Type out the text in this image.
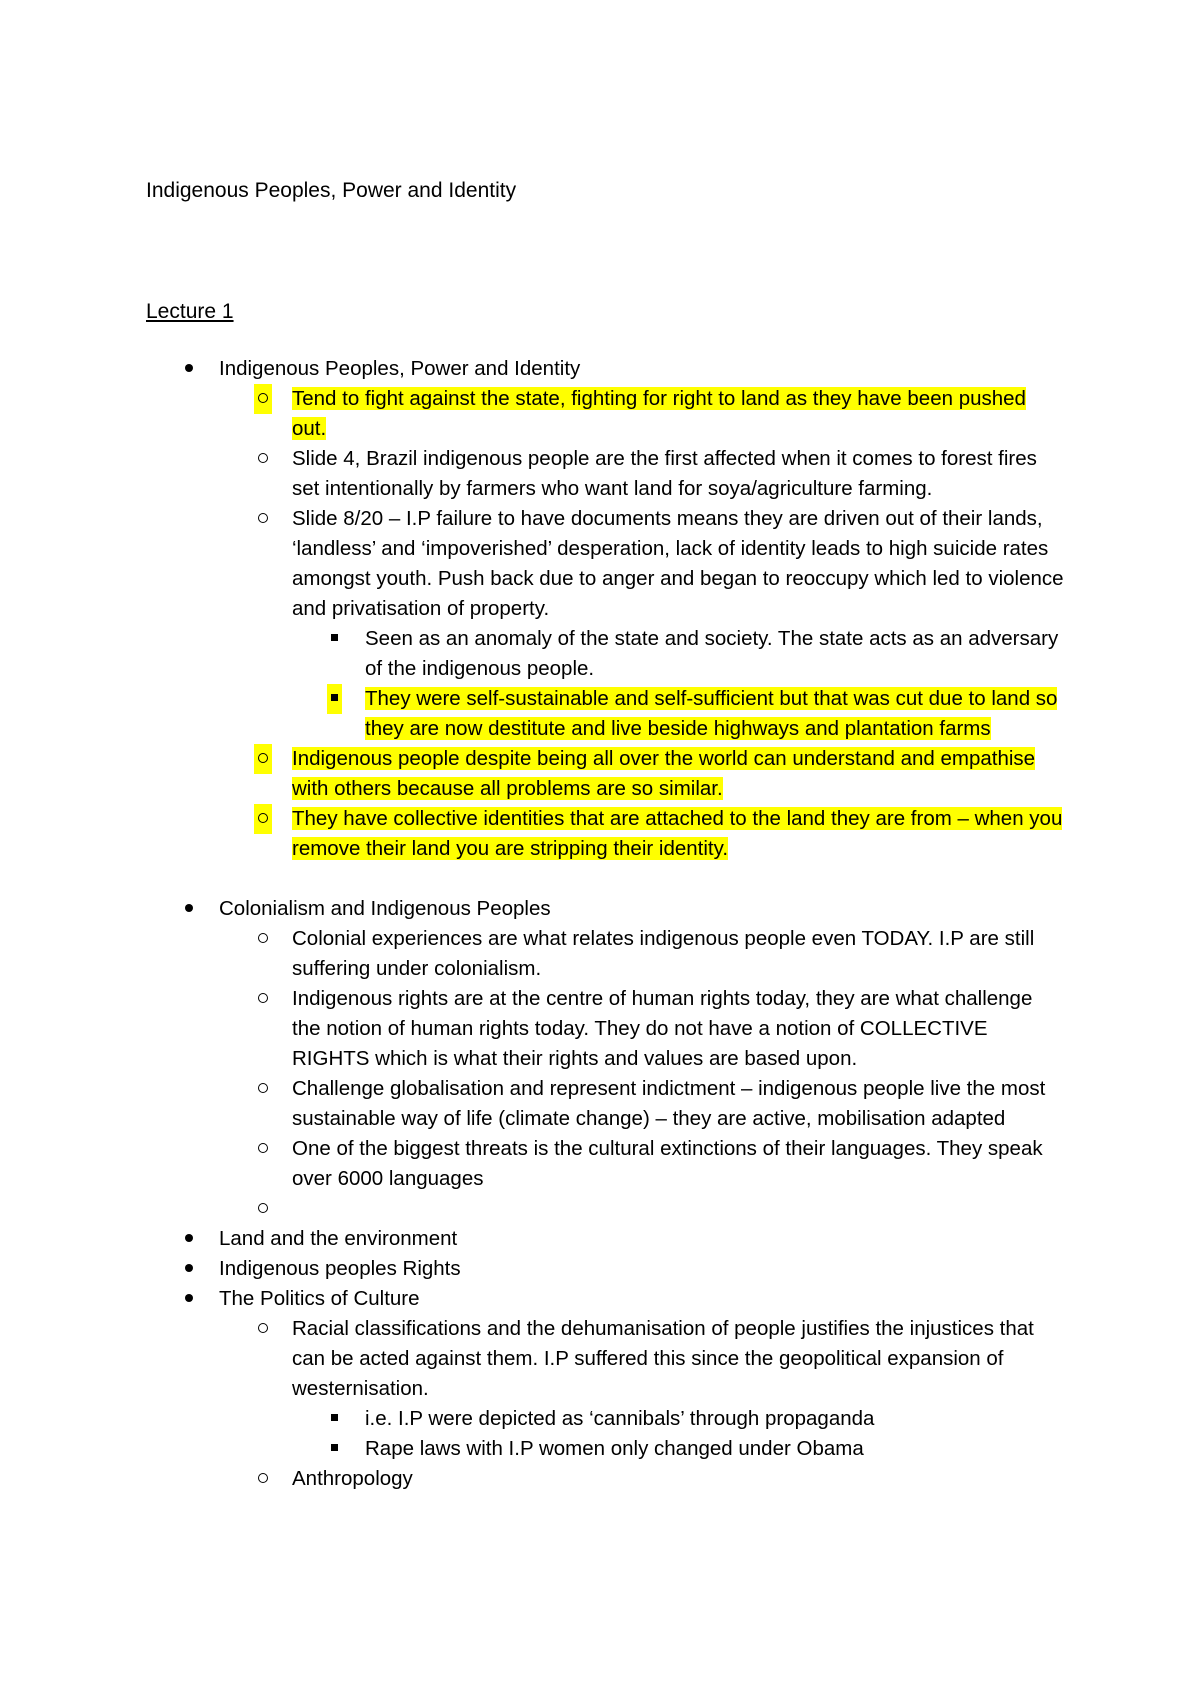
Indigenous Peoples, Power and Identity
Lecture 1
Indigenous Peoples, Power and Identity
Tend to fight against the state, fighting for right to land as they have been pushed out.
Slide 4, Brazil indigenous people are the first affected when it comes to forest fires set intentionally by farmers who want land for soya/agriculture farming.
Slide 8/20 – I.P failure to have documents means they are driven out of their lands, ‘landless’ and ‘impoverished’ desperation, lack of identity leads to high suicide rates amongst youth. Push back due to anger and began to reoccupy which led to violence and privatisation of property.
Seen as an anomaly of the state and society. The state acts as an adversary of the indigenous people.
They were self-sustainable and self-sufficient but that was cut due to land so they are now destitute and live beside highways and plantation farms
Indigenous people despite being all over the world can understand and empathise with others because all problems are so similar.
They have collective identities that are attached to the land they are from – when you remove their land you are stripping their identity.
Colonialism and Indigenous Peoples
Colonial experiences are what relates indigenous people even TODAY. I.P are still suffering under colonialism.
Indigenous rights are at the centre of human rights today, they are what challenge the notion of human rights today. They do not have a notion of COLLECTIVE RIGHTS which is what their rights and values are based upon.
Challenge globalisation and represent indictment – indigenous people live the most sustainable way of life (climate change) – they are active, mobilisation adapted
One of the biggest threats is the cultural extinctions of their languages. They speak over 6000 languages
Land and the environment
Indigenous peoples Rights
The Politics of Culture
Racial classifications and the dehumanisation of people justifies the injustices that can be acted against them. I.P suffered this since the geopolitical expansion of westernisation.
i.e. I.P were depicted as ‘cannibals’ through propaganda
Rape laws with I.P women only changed under Obama
Anthropology
